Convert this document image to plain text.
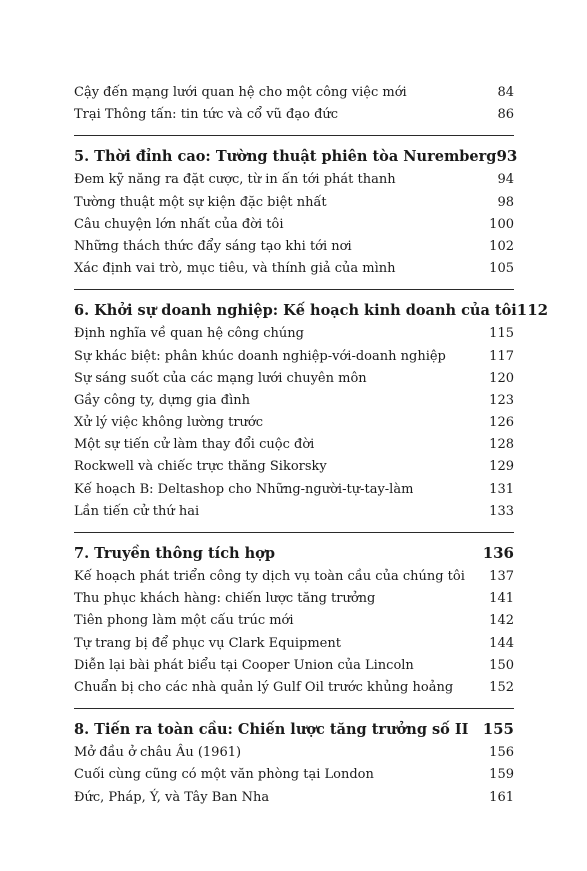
Cậy đến mạng lưới quan hệ cho một công việc mới	84
Trại Thông tấn: tin tức và cổ vũ đạo đức	86
5. Thời đỉnh cao: Tường thuật phiên tòa Nuremberg 93
Đem kỹ năng ra đặt cược, từ in ấn tới phát thanh	94
Tường thuật một sự kiện đặc biệt nhất	98
Câu chuyện lớn nhất của đời tôi	100
Những thách thức đẩy sáng tạo khi tới nơi	102
Xác định vai trò, mục tiêu, và thính giả của mình	105
6. Khởi sự doanh nghiệp: Kế hoạch kinh doanh của tôi 112
Định nghĩa về quan hệ công chúng	115
Sự khác biệt: phân khúc doanh nghiệp-với-doanh nghiệp	117
Sự sáng suốt của các mạng lưới chuyên môn	120
Gầy công ty, dựng gia đình	123
Xử lý việc không lường trước	126
Một sự tiến cử làm thay đổi cuộc đời	128
Rockwell và chiếc trực thăng Sikorsky	129
Kế hoạch B: Deltashop cho Những-người-tự-tay-làm	131
Lần tiến cử thứ hai	133
7. Truyền thông tích hợp	136
Kế hoạch phát triển công ty dịch vụ toàn cầu của chúng tôi	137
Thu phục khách hàng: chiến lược tăng trưởng	141
Tiên phong làm một cấu trúc mới	142
Tự trang bị để phục vụ Clark Equipment	144
Diễn lại bài phát biểu tại Cooper Union của Lincoln	150
Chuẩn bị cho các nhà quản lý Gulf Oil trước khủng hoảng	152
8. Tiến ra toàn cầu: Chiến lược tăng trưởng số II 155
Mở đầu ở châu Âu (1961)	156
Cuối cùng cũng có một văn phòng tại London	159
Đức, Pháp, Ý, và Tây Ban Nha	161
